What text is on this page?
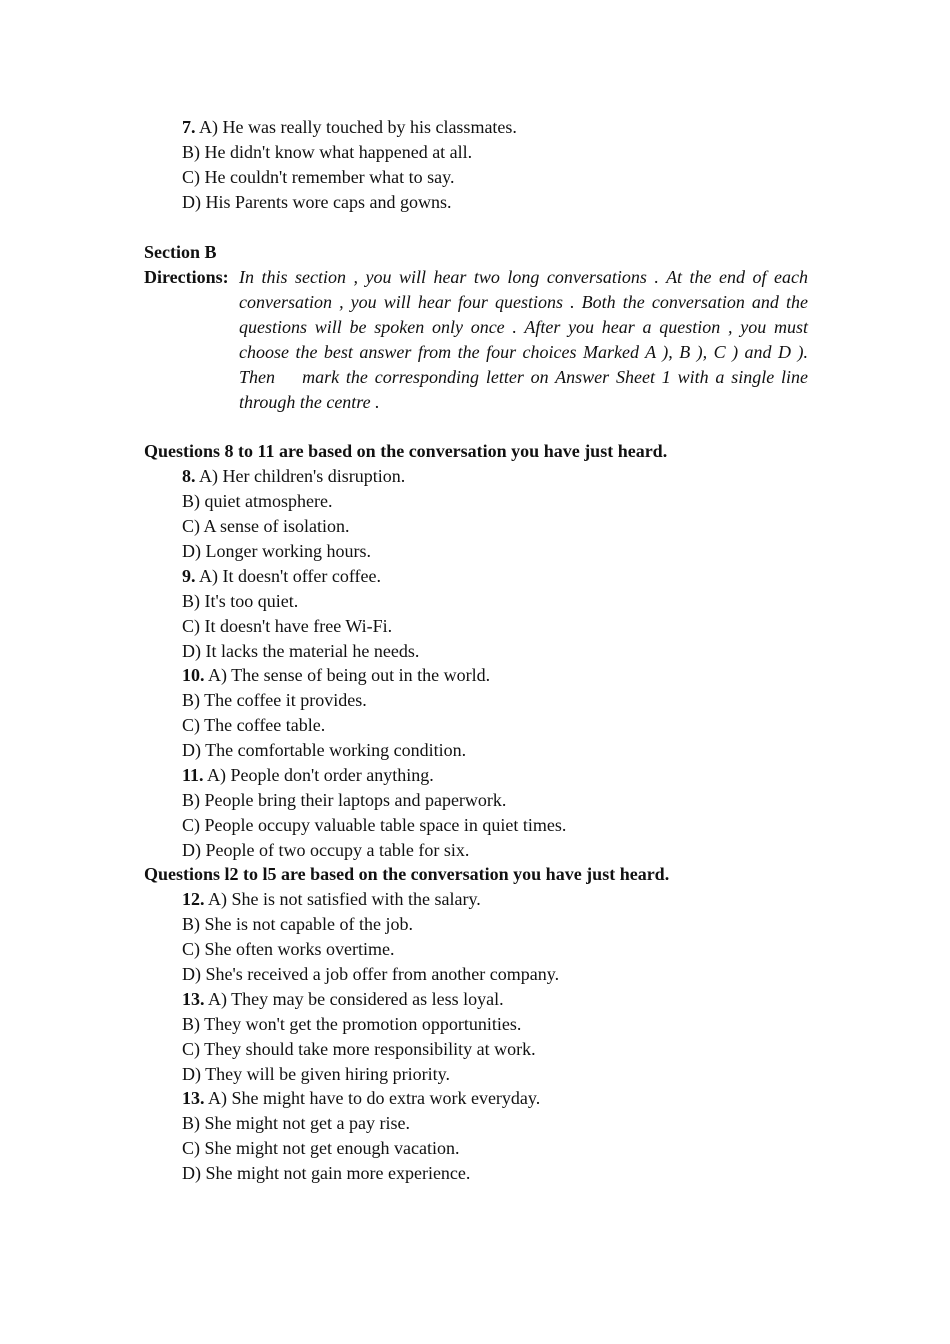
7. A) He was really touched by his classmates.
B) He didn't know what happened at all.
C) He couldn't remember what to say.
D) His Parents wore caps and gowns.
Section B
Directions: In this section , you will hear two long conversations . At the end of each conversation , you will hear four questions . Both the conversation and the questions will be spoken only once . After you hear a question , you must choose the best answer from the four choices Marked A ), B ), C ) and D ). Then 　mark the corresponding letter on Answer Sheet 1 with a single line through the centre .
Questions 8 to 11 are based on the conversation you have just heard.
8. A) Her children's disruption.
B) quiet atmosphere.
C) A sense of isolation.
D) Longer working hours.
9. A) It doesn't offer coffee.
B) It's too quiet.
C) It doesn't have free Wi-Fi.
D) It lacks the material he needs.
10. A) The sense of being out in the world.
B) The coffee it provides.
C) The coffee table.
D) The comfortable working condition.
11. A) People don't order anything.
B) People bring their laptops and paperwork.
C) People occupy valuable table space in quiet times.
D) People of two occupy a table for six.
Questions l2 to l5 are based on the conversation you have just heard.
12. A) She is not satisfied with the salary.
B) She is not capable of the job.
C) She often works overtime.
D) She's received a job offer from another company.
13. A) They may be considered as less loyal.
B) They won't get the promotion opportunities.
C) They should take more responsibility at work.
D) They will be given hiring priority.
13. A) She might have to do extra work everyday.
B) She might not get a pay rise.
C) She might not get enough vacation.
D) She might not gain more experience.
